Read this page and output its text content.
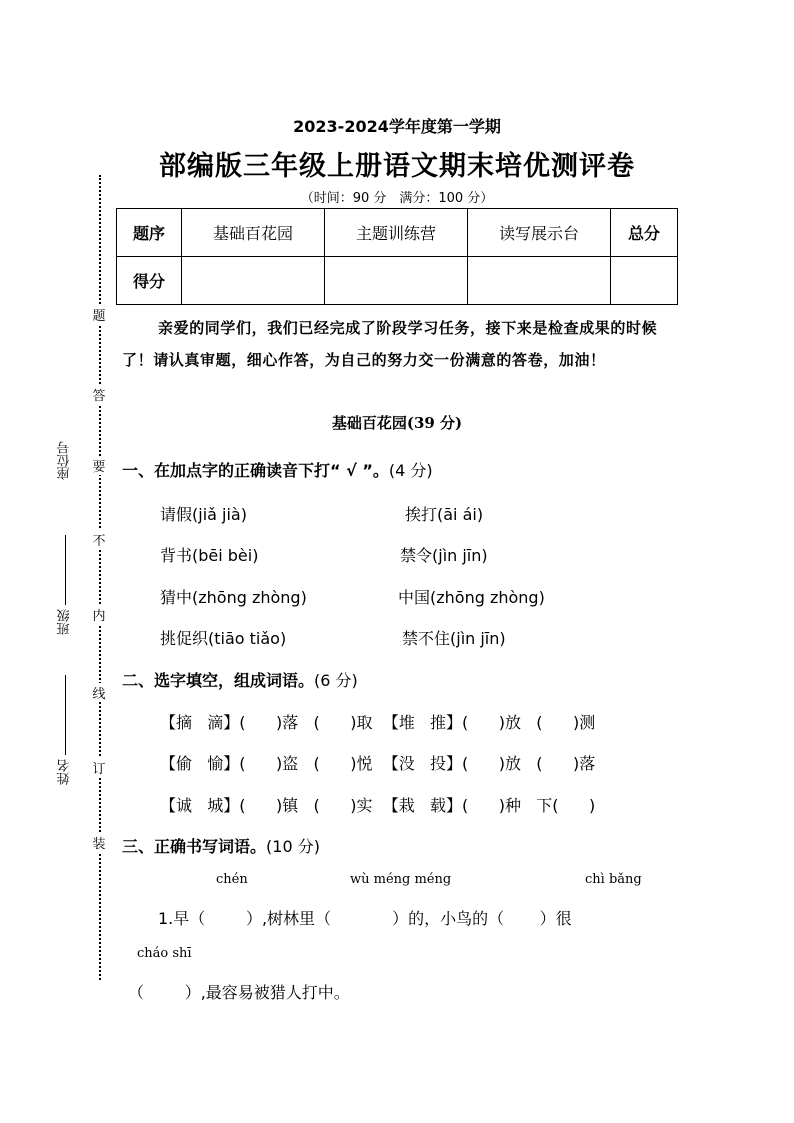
2023-2024学年度第一学期
部编版三年级上册语文期末培优测评卷
（时间：90 分　满分：100 分）
题
答
要
不
内
线
订
装
座位号
班级
姓名
题序	基础百花园	主题训练营	读写展示台	总分
得分				
亲爱的同学们，我们已经完成了阶段学习任务，接下来是检查成果的时候了！请认真审题，细心作答，为自己的努力交一份满意的答卷，加油！
基础百花园(39 分)
一、在加点字的正确读音下打“ √ ”。(4 分)
请假(jiǎ jià)	挨打(āi ái)
背书(bēi bèi)	禁令(jìn jīn)
猜中(zhōng zhòng)	中国(zhōng zhòng)
挑促织(tiāo tiǎo)	禁不住(jìn jīn)
二、选字填空，组成词语。(6 分)
【摘   滴】(      )落   (      )取  【堆   推】(      )放   (      )测
【偷   愉】(      )盗   (      )悦  【没   投】(      )放   (      )落
【诚   城】(      )镇   (      )实  【栽   载】(      )种   下(      )
三、正确书写词语。(10 分)
chén	wù méng méng	chì bǎng
1.早（        ）,树林里（            ）的，小鸟的（       ）很
cháo shī
（        ）,最容易被猎人打中。
